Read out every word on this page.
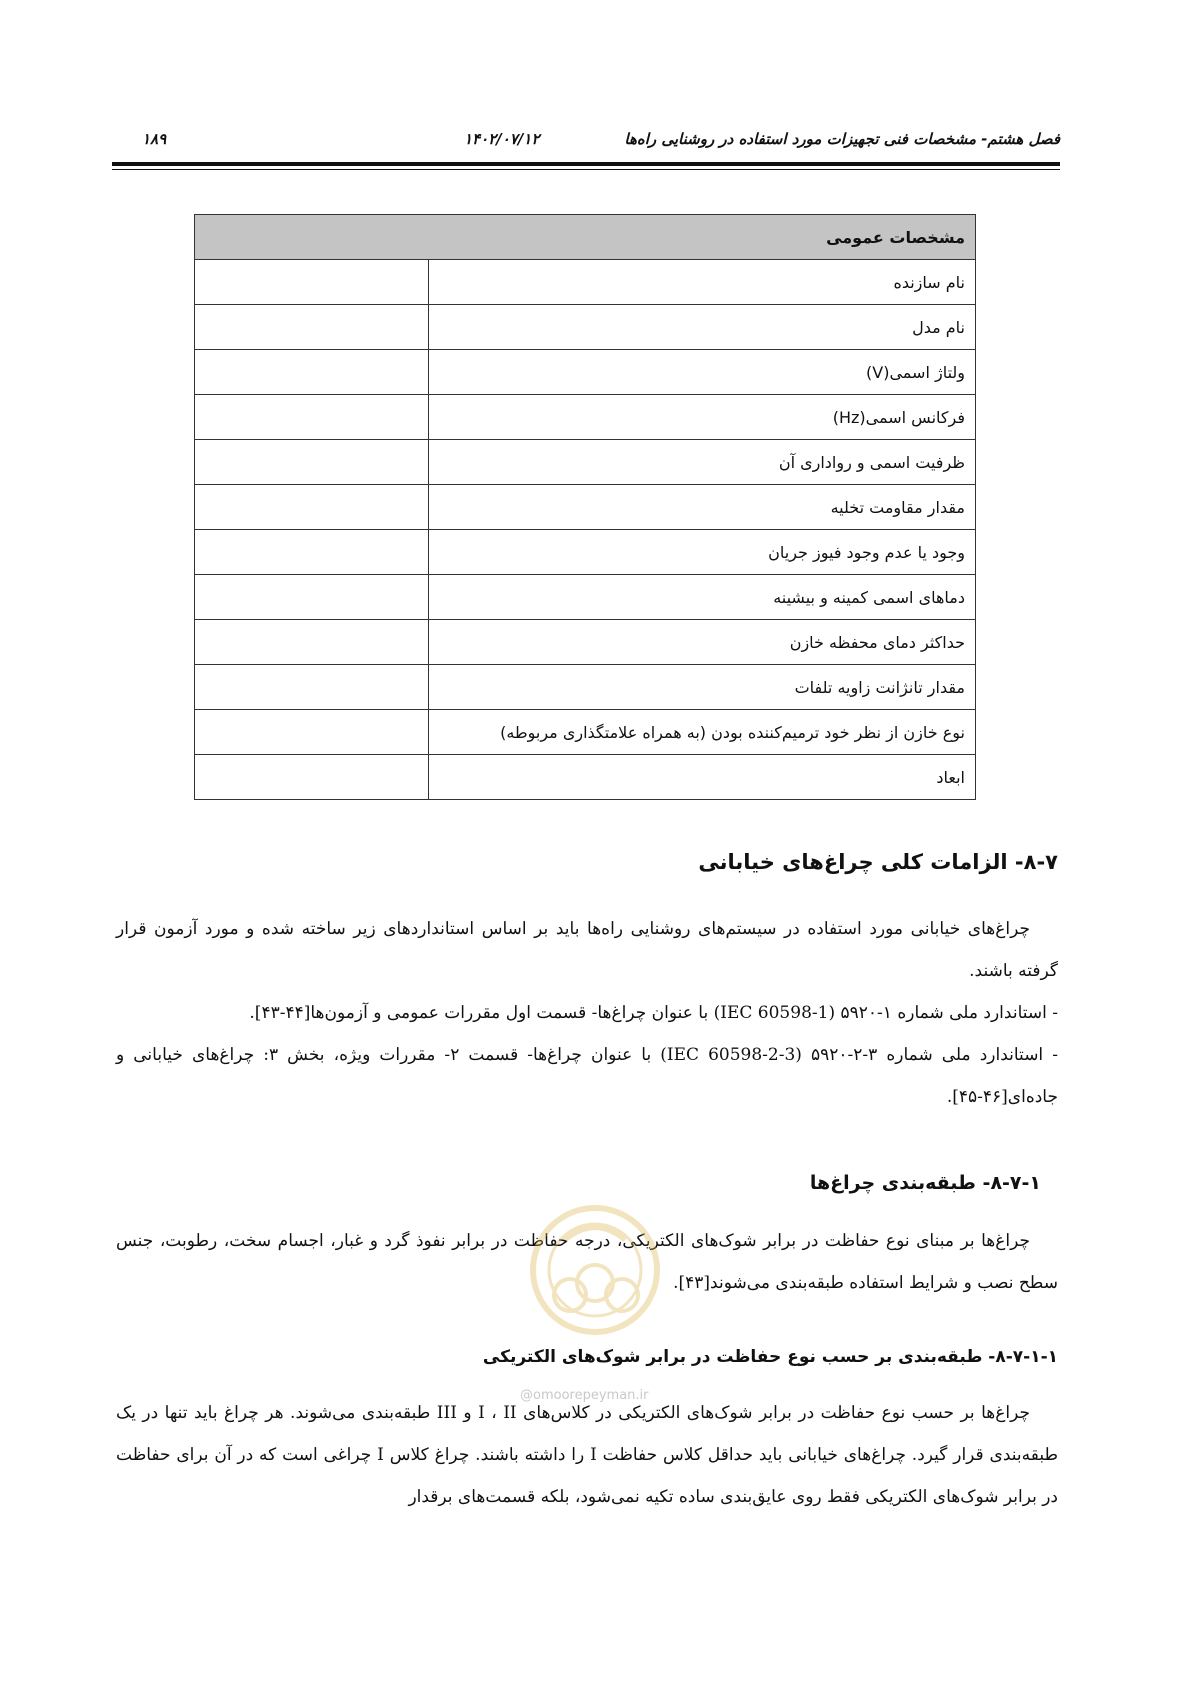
فصل هشتم- مشخصات فنی تجهیزات مورد استفاده در روشنایی راه‌ها
۱۴۰۲/۰۷/۱۲
۱۸۹
مشخصات عمومی	
نام سازنده	
نام مدل	
ولتاژ اسمی(V)	
فرکانس اسمی(Hz)	
ظرفیت اسمی و رواداری آن	
مقدار مقاومت تخلیه	
وجود یا عدم وجود فیوز جریان	
دماهای اسمی کمینه و بیشینه	
حداکثر دمای محفظه خازن	
مقدار تانژانت زاویه تلفات	
نوع خازن از نظر خود ترمیم‌کننده بودن (به همراه علامتگذاری مربوطه)	
ابعاد	
۸-۷- الزامات کلی چراغ‌های خیابانی
چراغ‌های خیابانی مورد استفاده در سیستم‌های روشنایی راه‌ها باید بر اساس استانداردهای زیر ساخته شده و مورد آزمون قرار گرفته باشند.
- استاندارد ملی شماره ۱-۵۹۲۰ (IEC 60598-1) با عنوان چراغ‌ها- قسمت اول مقررات عمومی و آزمون‌ها[۴۴-۴۳].
- استاندارد ملی شماره ۳-۲-۵۹۲۰ (IEC 60598-2-3) با عنوان چراغ‌ها- قسمت ۲- مقررات ویژه، بخش ۳: چراغ‌های خیابانی و جاده‌ای[۴۶-۴۵].
۸-۷-۱- طبقه‌بندی چراغ‌ها
چراغ‌ها بر مبنای نوع حفاظت در برابر شوک‌های الکتریکی، درجه حفاظت در برابر نفوذ گرد و غبار، اجسام سخت، رطوبت، جنس سطح نصب و شرایط استفاده طبقه‌بندی می‌شوند[۴۳].
۸-۷-۱-۱- طبقه‌بندی بر حسب نوع حفاظت در برابر شوک‌های الکتریکی
چراغ‌ها بر حسب نوع حفاظت در برابر شوک‌های الکتریکی در کلاس‌های I ، II و III طبقه‌بندی می‌شوند. هر چراغ باید تنها در یک طبقه‌بندی قرار گیرد. چراغ‌های خیابانی باید حداقل کلاس حفاظت I را داشته باشند. چراغ کلاس I چراغی است که در آن برای حفاظت در برابر شوک‌های الکتریکی فقط روی عایق‌بندی ساده تکیه نمی‌شود، بلکه قسمت‌های برقدار
@omoorepeyman.ir
